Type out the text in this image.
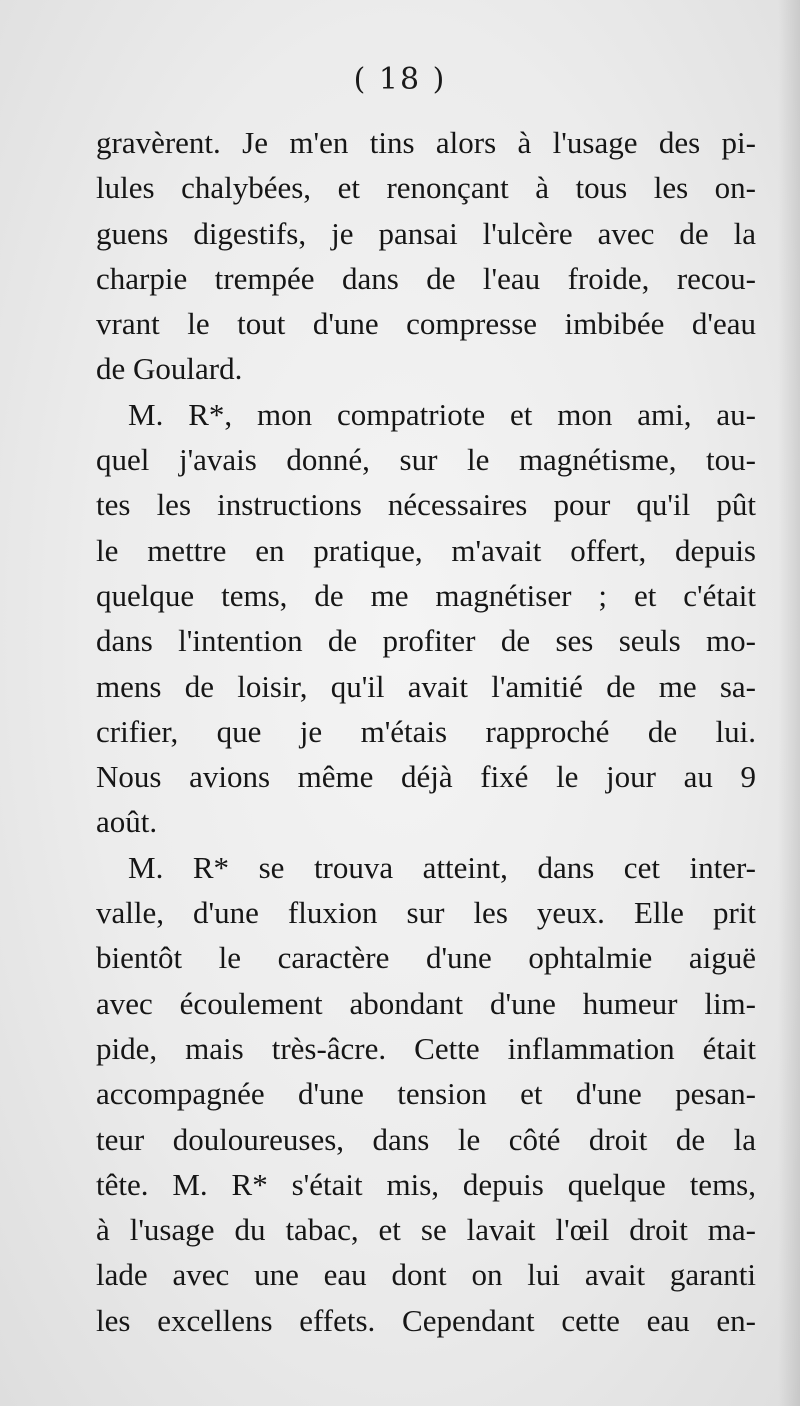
( 18 )
gravèrent. Je m'en tins alors à l'usage des pi-
lules chalybées, et renonçant à tous les on-
guens digestifs, je pansai l'ulcère avec de la
charpie trempée dans de l'eau froide, recou-
vrant le tout d'une compresse imbibée d'eau
de Goulard.
M. R*, mon compatriote et mon ami, au-
quel j'avais donné, sur le magnétisme, tou-
tes les instructions nécessaires pour qu'il pût
le mettre en pratique, m'avait offert, depuis
quelque tems, de me magnétiser ; et c'était
dans l'intention de profiter de ses seuls mo-
mens de loisir, qu'il avait l'amitié de me sa-
crifier, que je m'étais rapproché de lui.
Nous avions même déjà fixé le jour au 9
août.
M. R* se trouva atteint, dans cet inter-
valle, d'une fluxion sur les yeux. Elle prit
bientôt le caractère d'une ophtalmie aiguë
avec écoulement abondant d'une humeur lim-
pide, mais très-âcre. Cette inflammation était
accompagnée d'une tension et d'une pesan-
teur douloureuses, dans le côté droit de la
tête. M. R* s'était mis, depuis quelque tems,
à l'usage du tabac, et se lavait l'œil droit ma-
lade avec une eau dont on lui avait garanti
les excellens effets. Cependant cette eau en-
